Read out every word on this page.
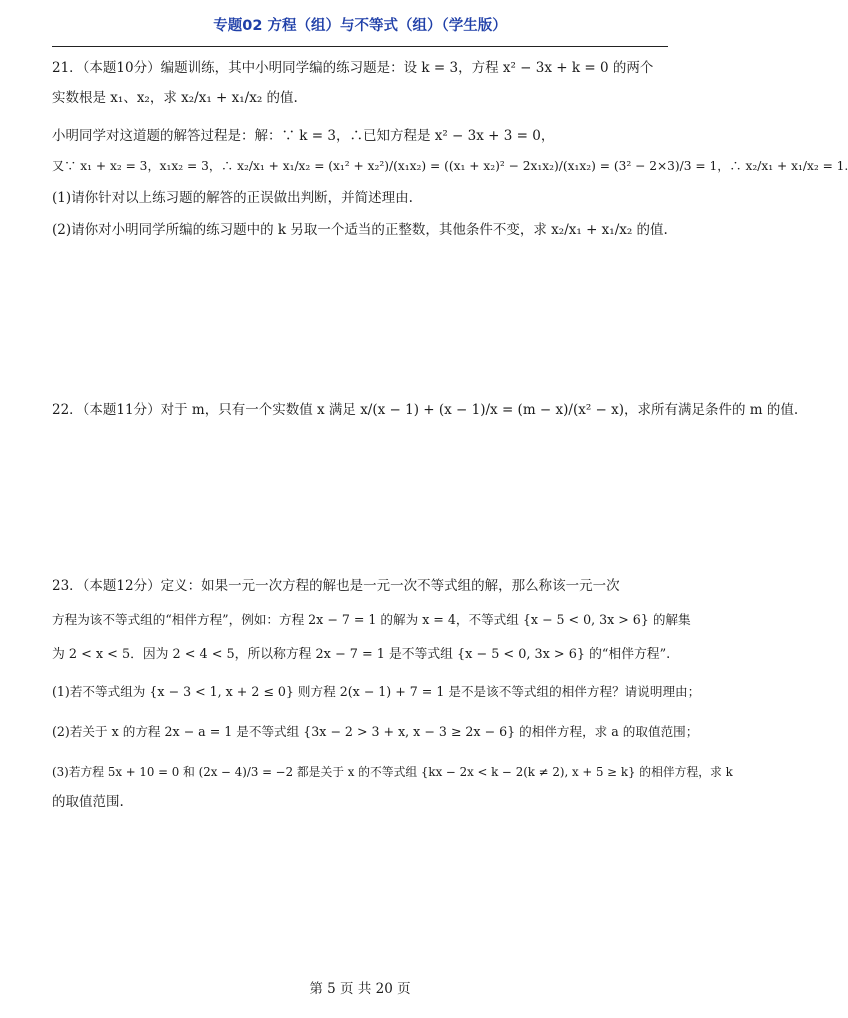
专题02 方程（组）与不等式（组）（学生版）
21．（本题10分）编题训练，其中小明同学编的练习题是：设 k = 3，方程 x² − 3x + k = 0 的两个
实数根是 x₁、x₂，求 x₂/x₁ + x₁/x₂ 的值.
小明同学对这道题的解答过程是：解：∵ k = 3，∴已知方程是 x² − 3x + 3 = 0，
又∵ x₁ + x₂ = 3，x₁x₂ = 3，∴ x₂/x₁ + x₁/x₂ = (x₁² + x₂²)/(x₁x₂) = ((x₁ + x₂)² − 2x₁x₂)/(x₁x₂) = (3² − 2×3)/3 = 1，∴ x₂/x₁ + x₁/x₂ = 1.
(1)请你针对以上练习题的解答的正误做出判断，并简述理由.
(2)请你对小明同学所编的练习题中的 k 另取一个适当的正整数，其他条件不变，求 x₂/x₁ + x₁/x₂ 的值.
22．（本题11分）对于 m，只有一个实数值 x 满足 x/(x − 1) + (x − 1)/x = (m − x)/(x² − x)，求所有满足条件的 m 的值.
23．（本题12分）定义：如果一元一次方程的解也是一元一次不等式组的解，那么称该一元一次
方程为该不等式组的“相伴方程”，例如：方程 2x − 7 = 1 的解为 x = 4，不等式组 {x − 5 < 0, 3x > 6} 的解集
为 2 < x < 5．因为 2 < 4 < 5，所以称方程 2x − 7 = 1 是不等式组 {x − 5 < 0, 3x > 6} 的“相伴方程”.
(1)若不等式组为 {x − 3 < 1, x + 2 ≤ 0} 则方程 2(x − 1) + 7 = 1 是不是该不等式组的相伴方程？请说明理由；
(2)若关于 x 的方程 2x − a = 1 是不等式组 {3x − 2 > 3 + x, x − 3 ≥ 2x − 6} 的相伴方程，求 a 的取值范围；
(3)若方程 5x + 10 = 0 和 (2x − 4)/3 = −2 都是关于 x 的不等式组 {kx − 2x < k − 2(k ≠ 2), x + 5 ≥ k} 的相伴方程，求 k
的取值范围.
第 5 页 共 20 页
